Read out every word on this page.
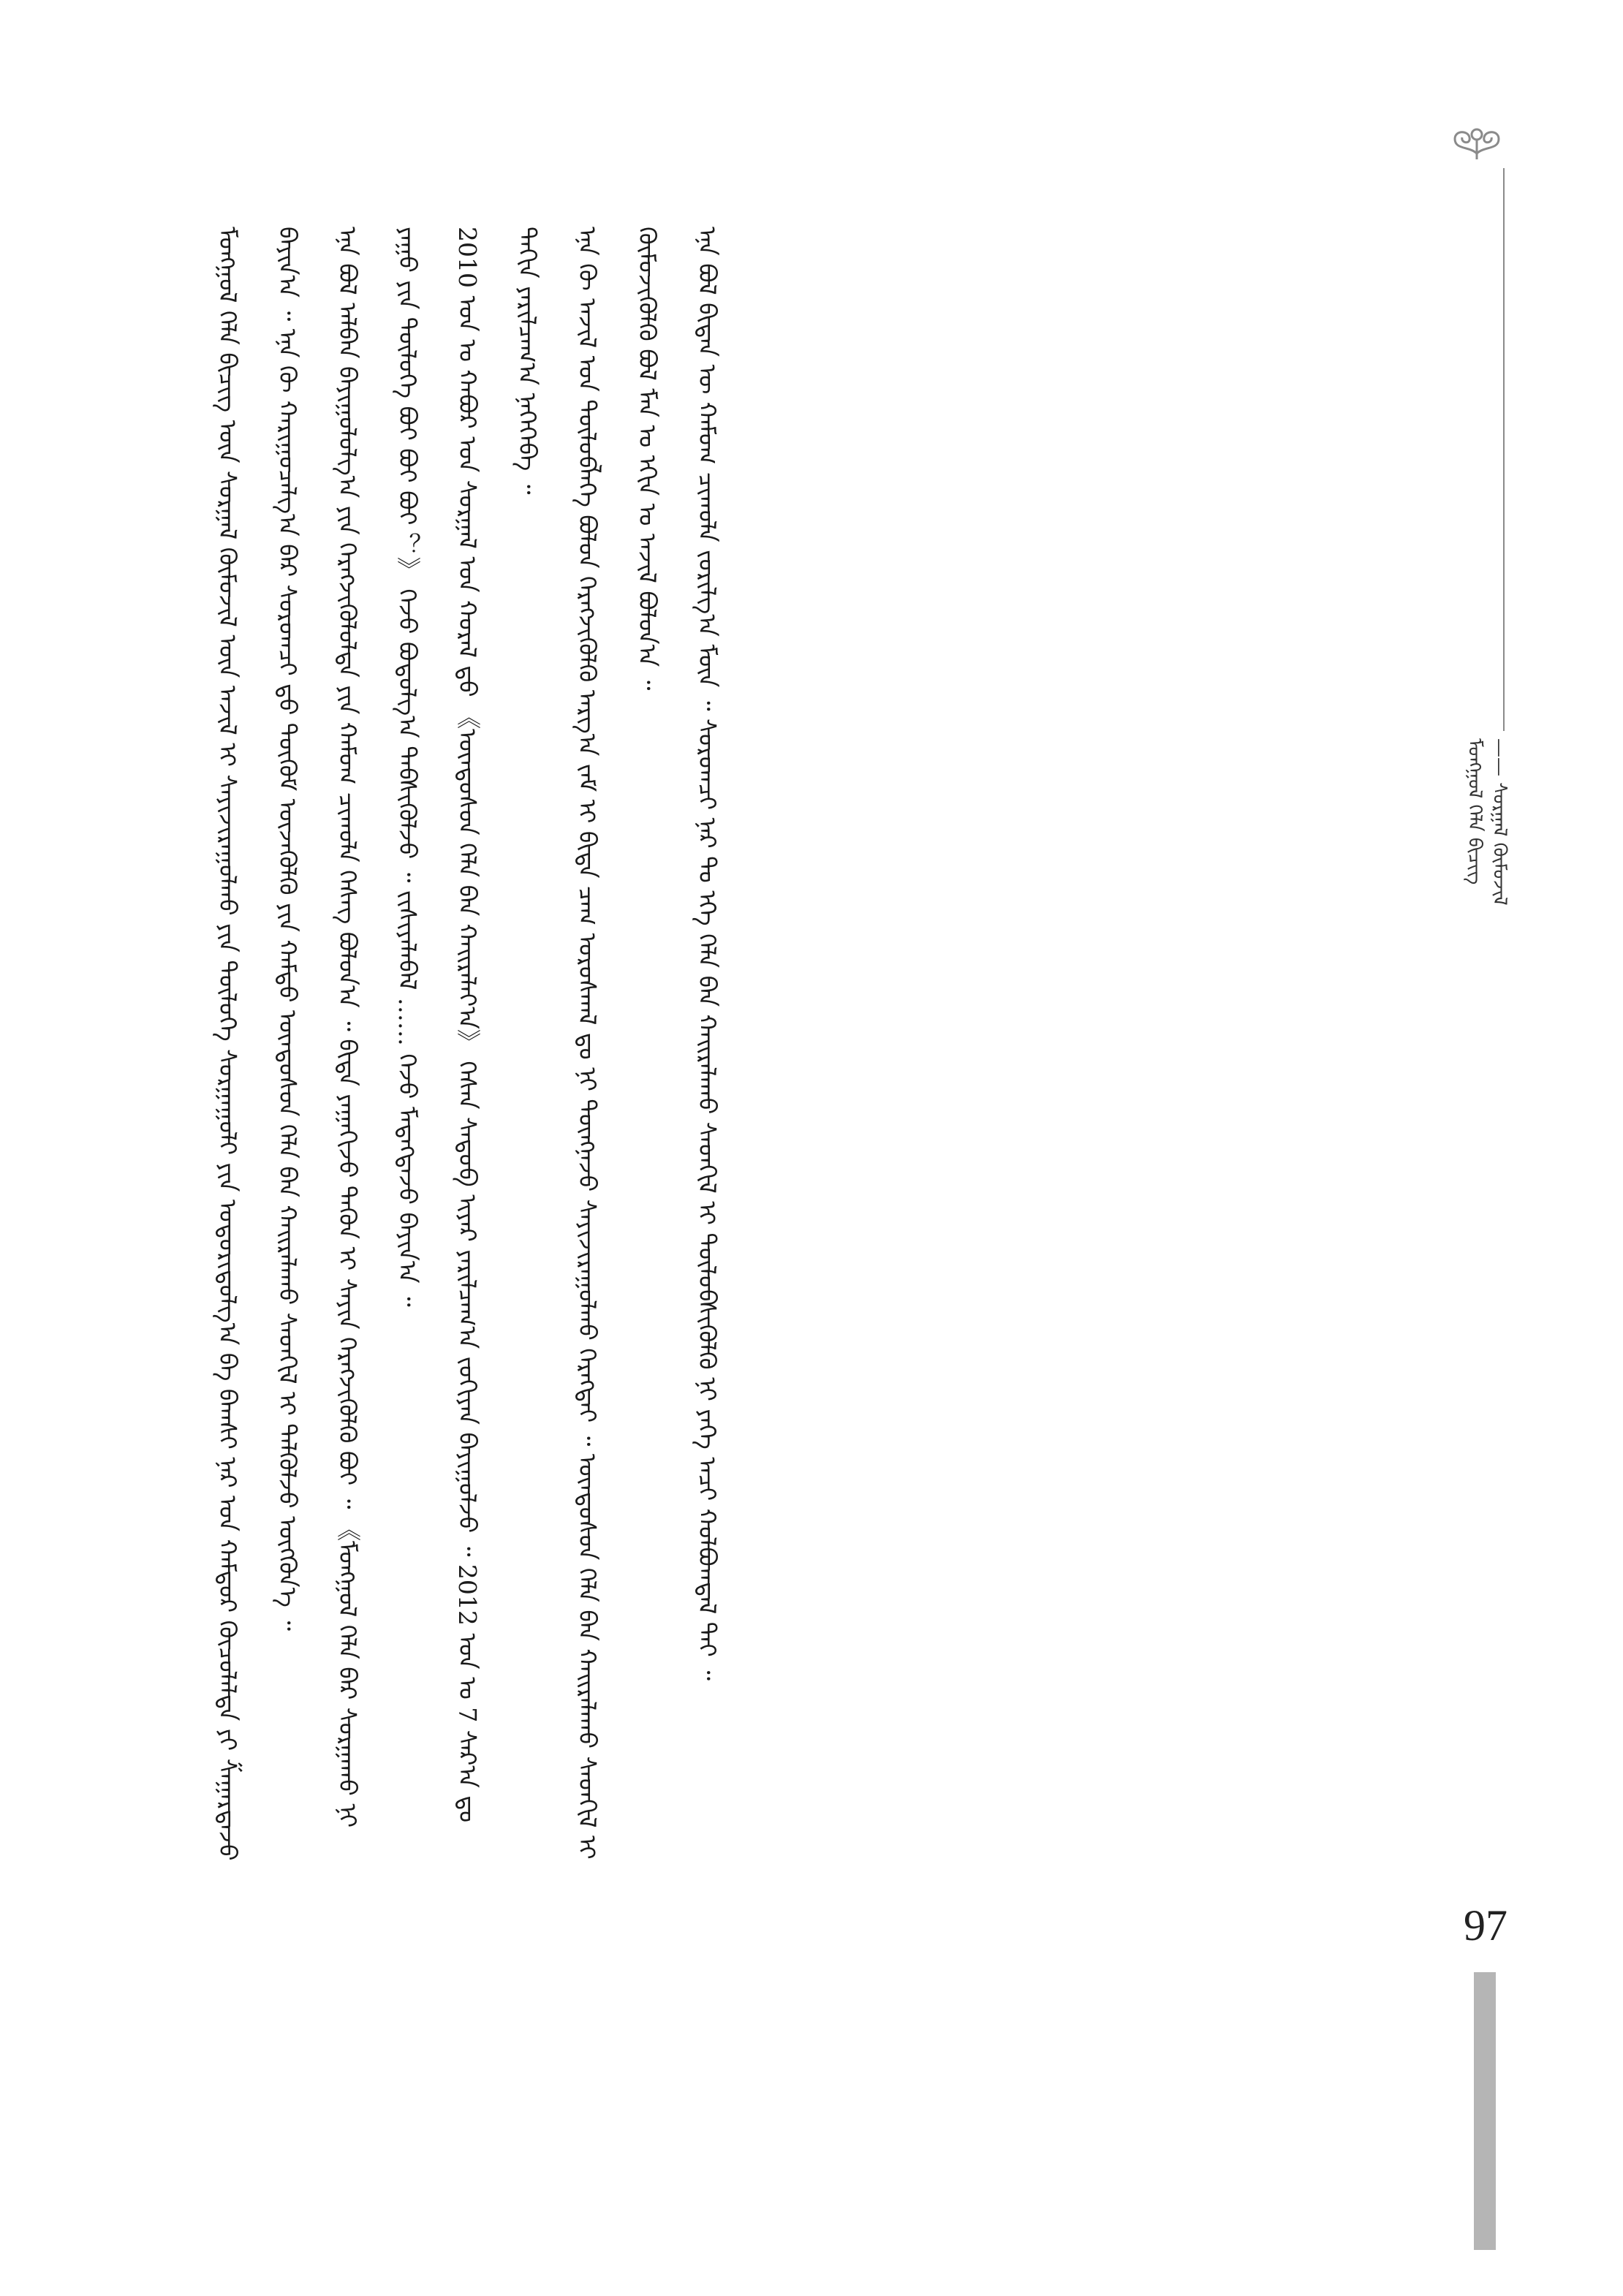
ᠮᠣᠩᠭᠣᠯ ᠬᠡᠯᠡ ᠪᠢᠴᠢᠭ
—— ᠰᠤᠷᠭᠠᠯ ᠬᠦᠮᠦᠵᠢᠯ

ᠮᠣᠩᠭᠣᠯ ᠬᠡᠯᠡ ᠪᠢᠴᠢᠭ ᠦᠨ ᠰᠤᠷᠭᠠᠯ ᠬᠦᠮᠦᠵᠢᠯ ᠦᠨ ᠠᠵᠢᠯ ᠢ ᠰᠠᠶᠢᠵᠢᠷᠠᠭᠤᠯᠬᠤ ᠶᠢᠨ ᠲᠥᠯᠦᠭᠡ ᠰᠤᠷᠭᠠᠭᠤᠯᠢ ᠶᠢᠨ ᠤᠳᠤᠷᠢᠳᠤᠯᠭ᠎ᠠ ᠪᠠ ᠪᠠᠭᠰᠢ ᠨᠠᠷ ᠤᠨ ᠬᠠᠮᠲᠤᠷ ᠬᠦᠴᠦᠯᠡᠯᠲᠡ ᠶᠢ ᠱᠠᠭᠠᠷᠳᠠᠵᠤ ᠪᠠᠶᠢᠨ᠎ᠠ ᠃ ᠡᠨᠡ ᠬᠦ ᠬᠠᠷᠢᠭᠤᠴᠠᠯᠭ᠎ᠠ ᠪᠠᠷ ᠰᠤᠷᠤᠭᠴᠢ ᠳ᠋ᠤ ᠳᠥᠭᠥᠮ ᠦᠵᠡᠭᠦᠯᠬᠦ ᠶᠢᠨ ᠬᠠᠮᠲᠤ ᠦᠨᠳᠦᠰᠦᠨ ᠬᠡᠯᠡ ᠪᠡᠨ ᠬᠠᠢᠷᠠᠯᠠᠬᠤ ᠰᠡᠳᠬᠢᠯ ᠢ ᠲᠡᠯᠬᠦᠯᠵᠦ ᠦᠭᠭᠦᠨ᠎ᠡ ᠃	ᠡᠨᠡ ᠪᠣᠯ ᠠᠯᠪᠠᠨ ᠪᠠᠶᠢᠭᠤᠯᠤᠯᠭ᠎ᠠ ᠶᠢᠨ ᠬᠡᠷᠡᠭᠵᠢᠭᠦᠯᠦᠯᠲᠡ ᠶᠢᠨ ᠬᠠᠮᠤᠭ ᠴᠢᠬᠤᠯᠠ ᠬᠡᠰᠡᠭ ᠪᠣᠯᠤᠨ᠎ᠠ ᠃ ᠪᠢᠳᠡ ᠶᠠᠭᠠᠬᠢᠵᠤ ᠲᠡᠭᠦᠨ ᠢ ᠰᠠᠶᠢᠨ ᠬᠡᠷᠡᠭᠵᠢᠭᠦᠯᠬᠦ ᠪᠤᠢ ᠃ 《ᠮᠣᠩᠭᠣᠯ ᠬᠡᠯᠡ ᠪᠠᠷ ᠰᠤᠷᠭᠠᠬᠤ ᠨᠢ ᠶᠠᠭᠤ ᠶᠢᠨ ᠲᠥᠯᠦᠭᠡ ᠪᠤᠢ ᠪᠤᠢ ᠪᠤᠢ ？》 ᠭᠡᠵᠦ ᠪᠣᠳᠣᠯᠭ᠎ᠠ ᠳᠡᠪᠰᠢᠭᠦᠯᠵᠦ ᠃ ᠵᠢᠱᠢᠶᠡᠯᠡᠪᠡᠯ …… ᠭᠡᠵᠦ ᠮᠡᠳᠡᠭᠳᠡᠵᠦ ᠪᠠᠶᠢᠨ᠎ᠠ ᠃	2010 ᠣᠨ ᠤ ᠬᠠᠪᠤᠷ ᠤᠨ ᠰᠤᠷᠭᠠᠯ ᠤᠨ ᠬᠤᠷᠠᠯ ᠳ᠋ᠤ 《ᠦᠨᠳᠦᠰᠦᠨ ᠬᠡᠯᠡ ᠪᠡᠨ ᠬᠠᠢᠷᠠᠯᠠᠶ᠎ᠠ》 ᠭᠡᠰᠡᠨ ᠰᠡᠳᠦᠪ ᠢᠶᠡᠷ ᠶᠠᠷᠢᠯᠴᠠᠭ᠎ᠠ ᠵᠣᠬᠢᠶᠠᠨ ᠪᠠᠶᠢᠭᠤᠯᠵᠤ ᠃ 2012 ᠣᠨ ᠤ 7 ᠰᠠᠷ᠎ᠠ ᠳᠤ ᠳᠠᠬᠢᠨ ᠶᠠᠷᠢᠯᠴᠠᠭ᠎ᠠ ᠨᠡᠭᠡᠭᠡᠪᠡ ᠃	ᠡᠨᠡ ᠬᠦ ᠠᠵᠢᠯ ᠤᠨ ᠲᠥᠯᠦᠪᠯᠡᠭᠡ ᠪᠣᠯᠤᠨ ᠬᠡᠷᠡᠭᠵᠢᠭᠦᠯᠬᠦ ᠠᠷᠭ᠎ᠠ ᠵᠠᠮ ᠢ ᠪᠢᠳᠡ ᠴᠠᠭ ᠤᠷᠤᠰᠬᠠᠯ ᠳᠤ ᠨᠢ ᠳᠦᠩᠨᠡᠵᠦ ᠰᠠᠶᠢᠵᠢᠷᠠᠭᠤᠯᠬᠤ ᠬᠡᠷᠡᠭᠲᠡᠢ ᠃ ᠦᠨᠳᠦᠰᠦᠨ ᠬᠡᠯᠡ ᠪᠡᠨ ᠬᠠᠢᠷᠠᠯᠠᠬᠤ ᠰᠡᠳᠬᠢᠯ ᠢ ᠬᠦᠮᠦᠵᠢᠭᠦᠯᠬᠦ ᠪᠣᠯ ᠮᠠᠨ ᠤ ᠡᠬᠢᠨ ᠤ ᠠᠵᠢᠯ ᠪᠣᠯᠤᠨ᠎ᠠ ᠃	ᠡᠨᠡ ᠪᠣᠯ ᠪᠢᠳᠡᠨ ᠦ ᠬᠠᠮᠤᠭ ᠴᠢᠬᠤᠯᠠ ᠵᠣᠷᠢᠯᠭ᠎ᠠ ᠮᠥᠨ ᠃ ᠰᠤᠷᠤᠭᠴᠢ ᠨᠠᠷ ᠲᠤ ᠡᠬᠡ ᠬᠡᠯᠡ ᠪᠡᠨ ᠬᠠᠢᠷᠠᠯᠠᠬᠤ ᠰᠡᠳᠬᠢᠯ ᠢ ᠲᠥᠯᠥᠪᠰᠢᠭᠦᠯᠬᠦ ᠨᠢ ᠶᠡᠬᠡ ᠠᠴᠢ ᠬᠣᠯᠪᠣᠭᠳᠠᠯ ᠲᠠᠢ ᠃

97
